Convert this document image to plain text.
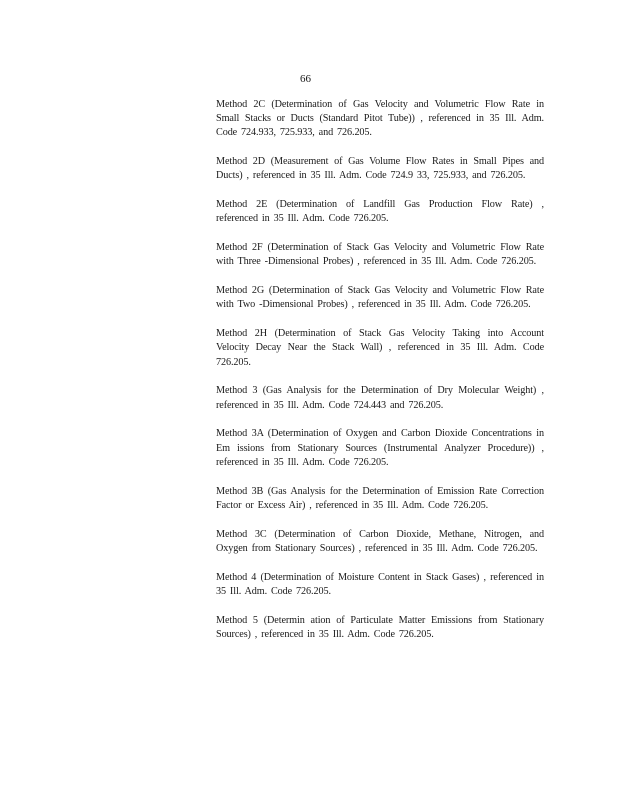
66

Method 2C (Determination of Gas Velocity and Volumetric Flow Rate in Small Stacks or Ducts (Standard Pitot Tube)) , referenced in 35 Ill. Adm. Code 724.933, 725.933, and 726.205.

Method 2D (Measurement of Gas Volume Flow Rates in Small Pipes and Ducts) , referenced in 35 Ill. Adm. Code 724.9 33, 725.933, and 726.205.

Method 2E (Determination of Landfill Gas Production Flow Rate) , referenced in 35 Ill. Adm. Code 726.205.

Method 2F (Determination of Stack Gas Velocity and Volumetric Flow Rate with Three -Dimensional Probes) , referenced in 35 Ill. Adm. Code 726.205.

Method 2G (Determination of Stack Gas Velocity and Volumetric Flow Rate with Two -Dimensional Probes) , referenced in 35 Ill. Adm. Code 726.205.

Method 2H (Determination of Stack Gas Velocity Taking into Account Velocity Decay Near the Stack Wall) , referenced in 35 Ill. Adm. Code 726.205.

Method 3 (Gas Analysis for the Determination of Dry Molecular Weight) , referenced in 35 Ill. Adm. Code 724.443 and 726.205.

Method 3A (Determination of Oxygen and Carbon Dioxide Concentrations in Em issions from Stationary Sources (Instrumental Analyzer Procedure)) , referenced in 35 Ill. Adm. Code 726.205.

Method 3B (Gas Analysis for the Determination of Emission Rate Correction Factor or Excess Air) , referenced in 35 Ill. Adm. Code 726.205.

Method 3C (Determination of Carbon Dioxide, Methane, Nitrogen, and Oxygen from Stationary Sources) , referenced in 35 Ill. Adm. Code 726.205.

Method 4 (Determination of Moisture Content in Stack Gases) , referenced in 35 Ill. Adm. Code 726.205.

Method 5 (Determin ation of Particulate Matter Emissions from Stationary Sources) , referenced in 35 Ill. Adm. Code 726.205.
